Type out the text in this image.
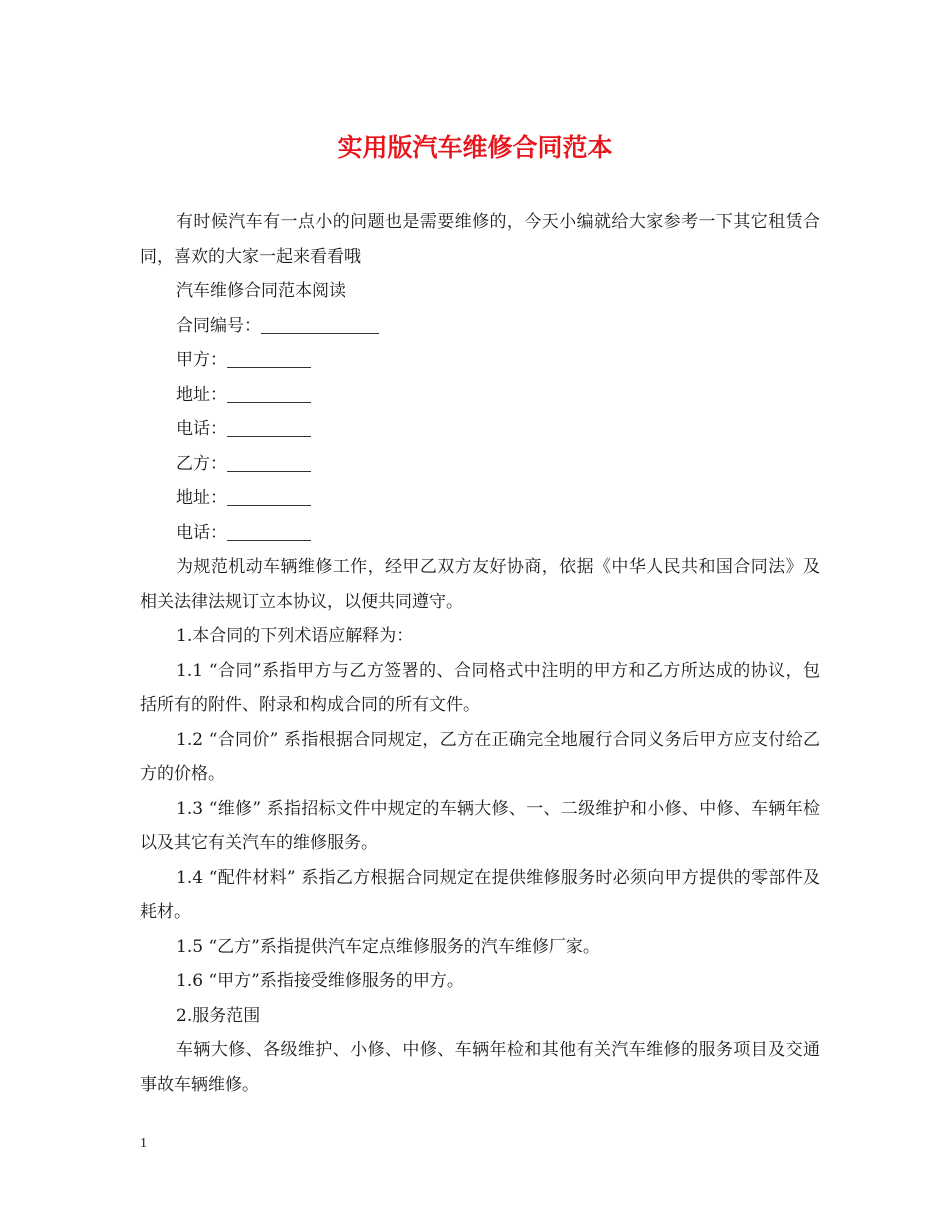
实用版汽车维修合同范本

有时候汽车有一点小的问题也是需要维修的，今天小编就给大家参考一下其它租赁合同，喜欢的大家一起来看看哦

汽车维修合同范本阅读

合同编号：

甲方：

地址：

电话：

乙方：

地址：

电话：

为规范机动车辆维修工作，经甲乙双方友好协商，依据《中华人民共和国合同法》及相关法律法规订立本协议，以便共同遵守。

1.本合同的下列术语应解释为：

1.1 “合同”系指甲方与乙方签署的、合同格式中注明的甲方和乙方所达成的协议，包括所有的附件、附录和构成合同的所有文件。

1.2 “合同价” 系指根据合同规定，乙方在正确完全地履行合同义务后甲方应支付给乙方的价格。

1.3 “维修” 系指招标文件中规定的车辆大修、一、二级维护和小修、中修、车辆年检以及其它有关汽车的维修服务。

1.4 “配件材料” 系指乙方根据合同规定在提供维修服务时必须向甲方提供的零部件及耗材。

1.5 “乙方”系指提供汽车定点维修服务的汽车维修厂家。

1.6 “甲方”系指接受维修服务的甲方。

2.服务范围

车辆大修、各级维护、小修、中修、车辆年检和其他有关汽车维修的服务项目及交通事故车辆维修。

1
